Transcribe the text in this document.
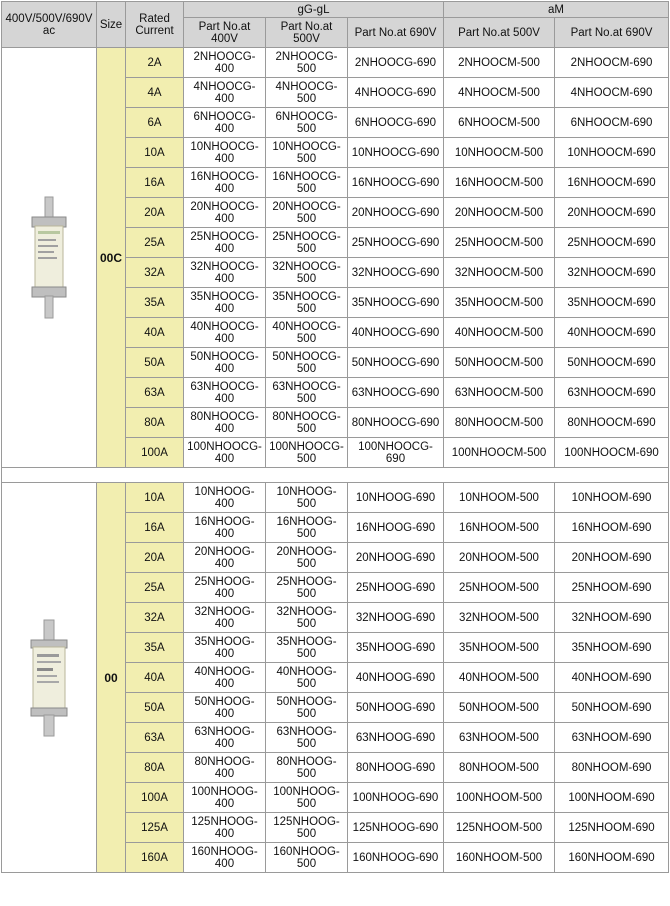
400V/500V/690V ac	Size	Rated Current	gG-gL			aM	
			Part No.at 400V	Part No.at 500V	Part No.at 690V	Part No.at 500V	Part No.at 690V

	00C	2A	2NHOOCG-400	2NHOOCG-500	2NHOOCG-690	2NHOOCM-500	2NHOOCM-690
		4A	4NHOOCG-400	4NHOOCG-500	4NHOOCG-690	4NHOOCM-500	4NHOOCM-690
		6A	6NHOOCG-400	6NHOOCG-500	6NHOOCG-690	6NHOOCM-500	6NHOOCM-690
		10A	10NHOOCG-400	10NHOOCG-500	10NHOOCG-690	10NHOOCM-500	10NHOOCM-690
		16A	16NHOOCG-400	16NHOOCG-500	16NHOOCG-690	16NHOOCM-500	16NHOOCM-690
		20A	20NHOOCG-400	20NHOOCG-500	20NHOOCG-690	20NHOOCM-500	20NHOOCM-690
		25A	25NHOOCG-400	25NHOOCG-500	25NHOOCG-690	25NHOOCM-500	25NHOOCM-690
		32A	32NHOOCG-400	32NHOOCG-500	32NHOOCG-690	32NHOOCM-500	32NHOOCM-690
		35A	35NHOOCG-400	35NHOOCG-500	35NHOOCG-690	35NHOOCM-500	35NHOOCM-690
		40A	40NHOOCG-400	40NHOOCG-500	40NHOOCG-690	40NHOOCM-500	40NHOOCM-690
		50A	50NHOOCG-400	50NHOOCG-500	50NHOOCG-690	50NHOOCM-500	50NHOOCM-690
		63A	63NHOOCG-400	63NHOOCG-500	63NHOOCG-690	63NHOOCM-500	63NHOOCM-690
		80A	80NHOOCG-400	80NHOOCG-500	80NHOOCG-690	80NHOOCM-500	80NHOOCM-690
		100A	100NHOOCG-400	100NHOOCG-500	100NHOOCG-690	100NHOOCM-500	100NHOOCM-690

	00	10A	10NHOOG-400	10NHOOG-500	10NHOOG-690	10NHOOM-500	10NHOOM-690
		16A	16NHOOG-400	16NHOOG-500	16NHOOG-690	16NHOOM-500	16NHOOM-690
		20A	20NHOOG-400	20NHOOG-500	20NHOOG-690	20NHOOM-500	20NHOOM-690
		25A	25NHOOG-400	25NHOOG-500	25NHOOG-690	25NHOOM-500	25NHOOM-690
		32A	32NHOOG-400	32NHOOG-500	32NHOOG-690	32NHOOM-500	32NHOOM-690
		35A	35NHOOG-400	35NHOOG-500	35NHOOG-690	35NHOOM-500	35NHOOM-690
		40A	40NHOOG-400	40NHOOG-500	40NHOOG-690	40NHOOM-500	40NHOOM-690
		50A	50NHOOG-400	50NHOOG-500	50NHOOG-690	50NHOOM-500	50NHOOM-690
		63A	63NHOOG-400	63NHOOG-500	63NHOOG-690	63NHOOM-500	63NHOOM-690
		80A	80NHOOG-400	80NHOOG-500	80NHOOG-690	80NHOOM-500	80NHOOM-690
		100A	100NHOOG-400	100NHOOG-500	100NHOOG-690	100NHOOM-500	100NHOOM-690
		125A	125NHOOG-400	125NHOOG-500	125NHOOG-690	125NHOOM-500	125NHOOM-690
		160A	160NHOOG-400	160NHOOG-500	160NHOOG-690	160NHOOM-500	160NHOOM-690
